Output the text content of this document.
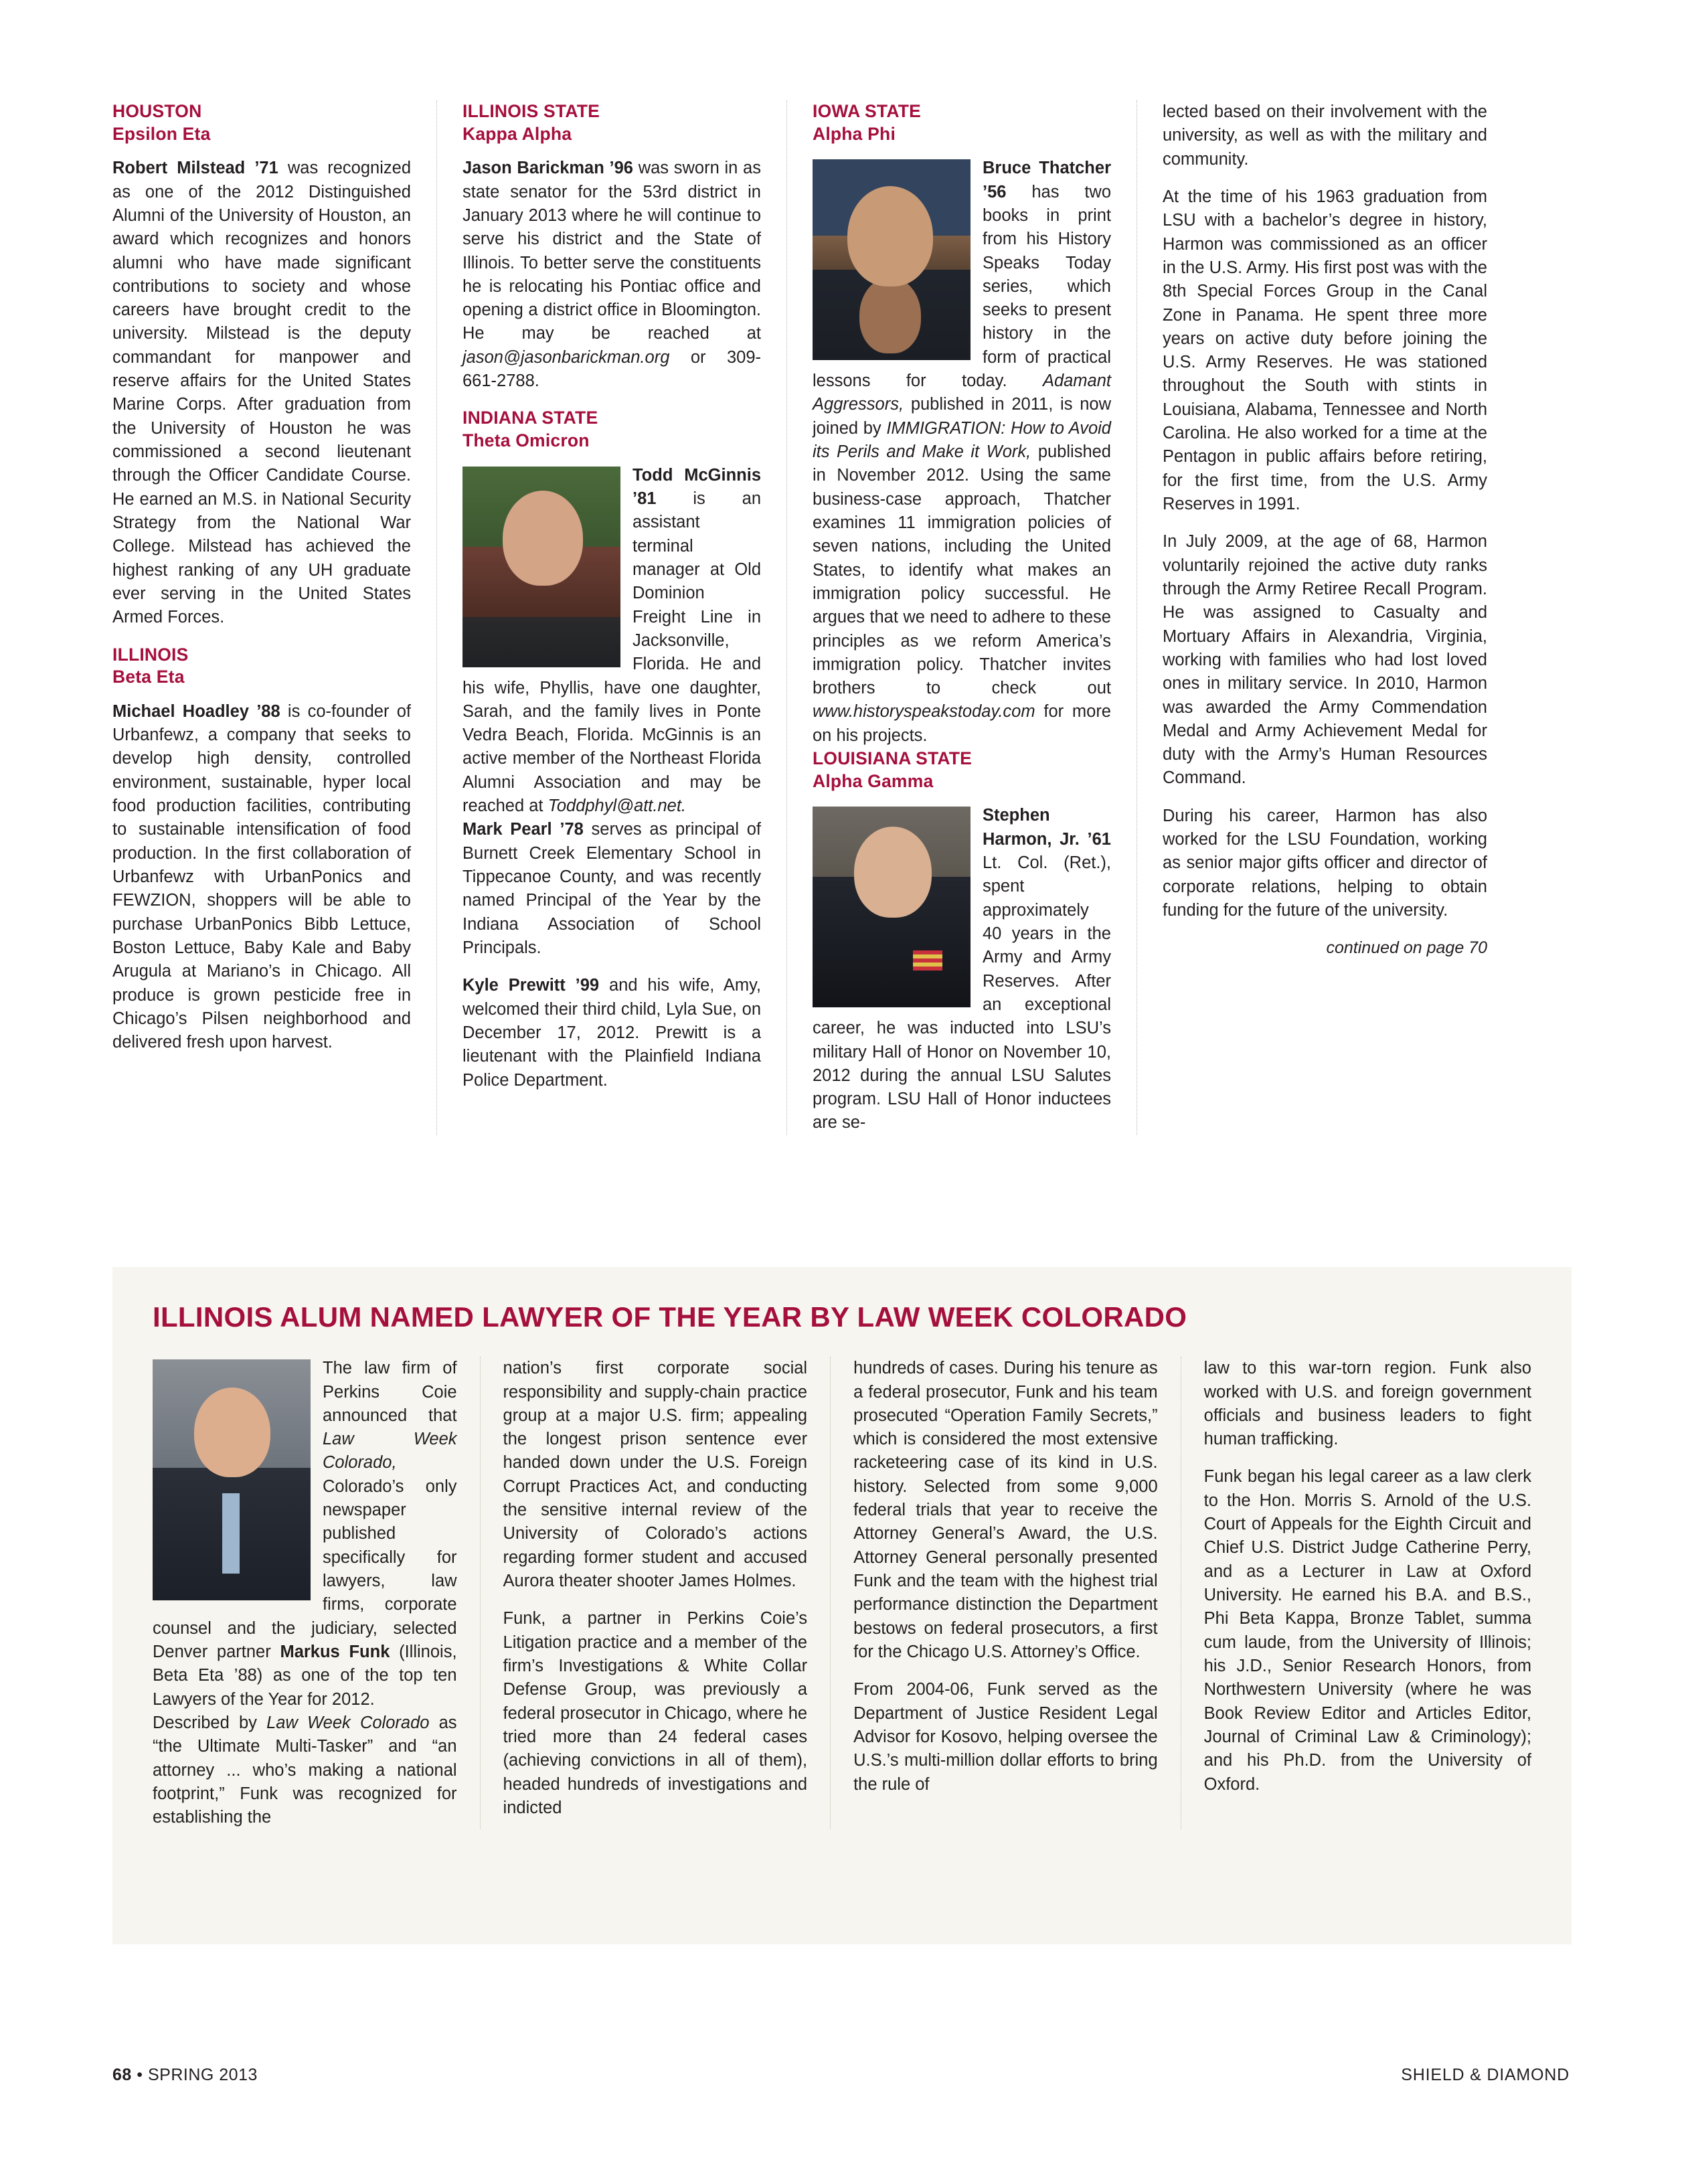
HOUSTON
Epsilon Eta

Robert Milstead ’71 was recognized as one of the 2012 Distinguished Alumni of the University of Houston, an award which recognizes and honors alumni who have made significant contributions to society and whose careers have brought credit to the university. Milstead is the deputy commandant for manpower and reserve affairs for the United States Marine Corps. After graduation from the University of Houston he was commissioned a second lieutenant through the Officer Candidate Course. He earned an M.S. in National Security Strategy from the National War College. Milstead has achieved the highest ranking of any UH graduate ever serving in the United States Armed Forces.

ILLINOIS
Beta Eta

Michael Hoadley ’88 is co-founder of Urbanfewz, a company that seeks to develop high density, controlled environment, sustainable, hyper local food production facilities, contributing to sustainable intensification of food production. In the first collaboration of Urbanfewz with UrbanPonics and FEWZION, shoppers will be able to purchase UrbanPonics Bibb Lettuce, Boston Lettuce, Baby Kale and Baby Arugula at Mariano’s in Chicago. All produce is grown pesticide free in Chicago’s Pilsen neighborhood and delivered fresh upon harvest.

ILLINOIS STATE
Kappa Alpha

Jason Barickman ’96 was sworn in as state senator for the 53rd district in January 2013 where he will continue to serve his district and the State of Illinois. To better serve the constituents he is relocating his Pontiac office and opening a district office in Bloomington. He may be reached at jason@jasonbarickman.org or 309-661-2788.

INDIANA STATE
Theta Omicron

Todd McGinnis ’81 is an assistant terminal manager at Old Dominion Freight Line in Jacksonville, Florida. He and his wife, Phyllis, have one daughter, Sarah, and the family lives in Ponte Vedra Beach, Florida. McGinnis is an active member of the Northeast Florida Alumni Association and may be reached at Toddphyl@att.net.

Mark Pearl ’78 serves as principal of Burnett Creek Elementary School in Tippecanoe County, and was recently named Principal of the Year by the Indiana Association of School Principals.

Kyle Prewitt ’99 and his wife, Amy, welcomed their third child, Lyla Sue, on December 17, 2012. Prewitt is a lieutenant with the Plainfield Indiana Police Department.

IOWA STATE
Alpha Phi

Bruce Thatcher ’56 has two books in print from his History Speaks Today series, which seeks to present history in the form of practical lessons for today. Adamant Aggressors, published in 2011, is now joined by IMMIGRATION: How to Avoid its Perils and Make it Work, published in November 2012. Using the same business-case approach, Thatcher examines 11 immigration policies of seven nations, including the United States, to identify what makes an immigration policy successful. He argues that we need to adhere to these principles as we reform America’s immigration policy. Thatcher invites brothers to check out www.historyspeakstoday.com for more on his projects.

LOUISIANA STATE
Alpha Gamma

Stephen Harmon, Jr. ’61 Lt. Col. (Ret.), spent approximately 40 years in the Army and Army Reserves. After an exceptional career, he was inducted into LSU’s military Hall of Honor on November 10, 2012 during the annual LSU Salutes program. LSU Hall of Honor inductees are se-

lected based on their involvement with the university, as well as with the military and community.

At the time of his 1963 graduation from LSU with a bachelor’s degree in history, Harmon was commissioned as an officer in the U.S. Army. His first post was with the 8th Special Forces Group in the Canal Zone in Panama. He spent three more years on active duty before joining the U.S. Army Reserves. He was stationed throughout the South with stints in Louisiana, Alabama, Tennessee and North Carolina. He also worked for a time at the Pentagon in public affairs before retiring, for the first time, from the U.S. Army Reserves in 1991.

In July 2009, at the age of 68, Harmon voluntarily rejoined the active duty ranks through the Army Retiree Recall Program. He was assigned to Casualty and Mortuary Affairs in Alexandria, Virginia, working with families who had lost loved ones in military service. In 2010, Harmon was awarded the Army Commendation Medal and Army Achievement Medal for duty with the Army’s Human Resources Command.

During his career, Harmon has also worked for the LSU Foundation, working as senior major gifts officer and director of corporate relations, helping to obtain funding for the future of the university.

continued on page 70
ILLINOIS ALUM NAMED LAWYER OF THE YEAR BY LAW WEEK COLORADO

The law firm of Perkins Coie announced that Law Week Colorado, Colorado’s only newspaper published specifically for lawyers, law firms, corporate counsel and the judiciary, selected Denver partner Markus Funk (Illinois, Beta Eta ’88) as one of the top ten Lawyers of the Year for 2012.

Described by Law Week Colorado as “the Ultimate Multi-Tasker” and “an attorney ... who’s making a national footprint,” Funk was recognized for establishing the

nation’s first corporate social responsibility and supply-chain practice group at a major U.S. firm; appealing the longest prison sentence ever handed down under the U.S. Foreign Corrupt Practices Act, and conducting the sensitive internal review of the University of Colorado’s actions regarding former student and accused Aurora theater shooter James Holmes.

Funk, a partner in Perkins Coie’s Litigation practice and a member of the firm’s Investigations & White Collar Defense Group, was previously a federal prosecutor in Chicago, where he tried more than 24 federal cases (achieving convictions in all of them), headed hundreds of investigations and indicted

hundreds of cases. During his tenure as a federal prosecutor, Funk and his team prosecuted “Operation Family Secrets,” which is considered the most extensive racketeering case of its kind in U.S. history. Selected from some 9,000 federal trials that year to receive the Attorney General’s Award, the U.S. Attorney General personally presented Funk and the team with the highest trial performance distinction the Department bestows on federal prosecutors, a first for the Chicago U.S. Attorney’s Office.

From 2004-06, Funk served as the Department of Justice Resident Legal Advisor for Kosovo, helping oversee the U.S.’s multi-million dollar efforts to bring the rule of

law to this war-torn region. Funk also worked with U.S. and foreign government officials and business leaders to fight human trafficking.

Funk began his legal career as a law clerk to the Hon. Morris S. Arnold of the U.S. Court of Appeals for the Eighth Circuit and Chief U.S. District Judge Catherine Perry, and as a Lecturer in Law at Oxford University. He earned his B.A. and B.S., Phi Beta Kappa, Bronze Tablet, summa cum laude, from the University of Illinois; his J.D., Senior Research Honors, from Northwestern University (where he was Book Review Editor and Articles Editor, Journal of Criminal Law & Criminology); and his Ph.D. from the University of Oxford.

68 • SPRING 2013	SHIELD & DIAMOND
